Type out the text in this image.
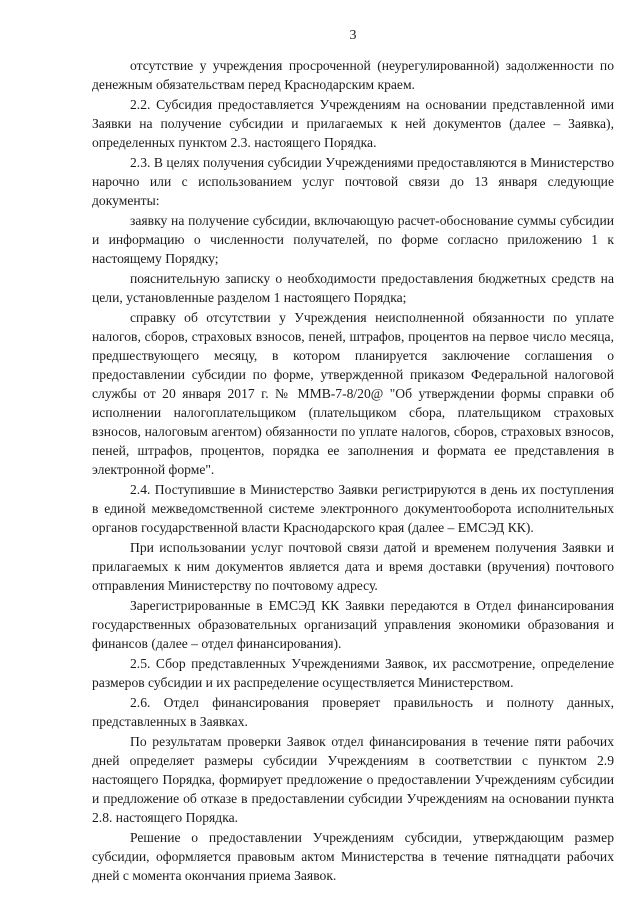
3

отсутствие у учреждения просроченной (неурегулированной) задолженности по денежным обязательствам перед Краснодарским краем.

2.2. Субсидия предоставляется Учреждениям на основании представленной ими Заявки на получение субсидии и прилагаемых к ней документов (далее – Заявка), определенных пунктом 2.3. настоящего Порядка.

2.3. В целях получения субсидии Учреждениями предоставляются в Министерство нарочно или с использованием услуг почтовой связи до 13 января следующие документы:

заявку на получение субсидии, включающую расчет-обоснование суммы субсидии и информацию о численности получателей, по форме согласно приложению 1 к настоящему Порядку;

пояснительную записку о необходимости предоставления бюджетных средств на цели, установленные разделом 1 настоящего Порядка;

справку об отсутствии у Учреждения неисполненной обязанности по уплате налогов, сборов, страховых взносов, пеней, штрафов, процентов на первое число месяца, предшествующего месяцу, в котором планируется заключение соглашения о предоставлении субсидии по форме, утвержденной приказом Федеральной налоговой службы от 20 января 2017 г. № ММВ-7-8/20@ "Об утверждении формы справки об исполнении налогоплательщиком (плательщиком сбора, плательщиком страховых взносов, налоговым агентом) обязанности по уплате налогов, сборов, страховых взносов, пеней, штрафов, процентов, порядка ее заполнения и формата ее представления в электронной форме".

2.4. Поступившие в Министерство Заявки регистрируются в день их поступления в единой межведомственной системе электронного документооборота исполнительных органов государственной власти Краснодарского края (далее – ЕМСЭД КК).

При использовании услуг почтовой связи датой и временем получения Заявки и прилагаемых к ним документов является дата и время доставки (вручения) почтового отправления Министерству по почтовому адресу.

Зарегистрированные в ЕМСЭД КК Заявки передаются в Отдел финансирования государственных образовательных организаций управления экономики образования и финансов (далее – отдел финансирования).

2.5. Сбор представленных Учреждениями Заявок, их рассмотрение, определение размеров субсидии и их распределение осуществляется Министерством.

2.6. Отдел финансирования проверяет правильность и полноту данных, представленных в Заявках.

По результатам проверки Заявок отдел финансирования в течение пяти рабочих дней определяет размеры субсидии Учреждениям в соответствии с пунктом 2.9 настоящего Порядка, формирует предложение о предоставлении Учреждениям субсидии и предложение об отказе в предоставлении субсидии Учреждениям на основании пункта 2.8. настоящего Порядка.

Решение о предоставлении Учреждениям субсидии, утверждающим размер субсидии, оформляется правовым актом Министерства в течение пятнадцати рабочих дней с момента окончания приема Заявок.
